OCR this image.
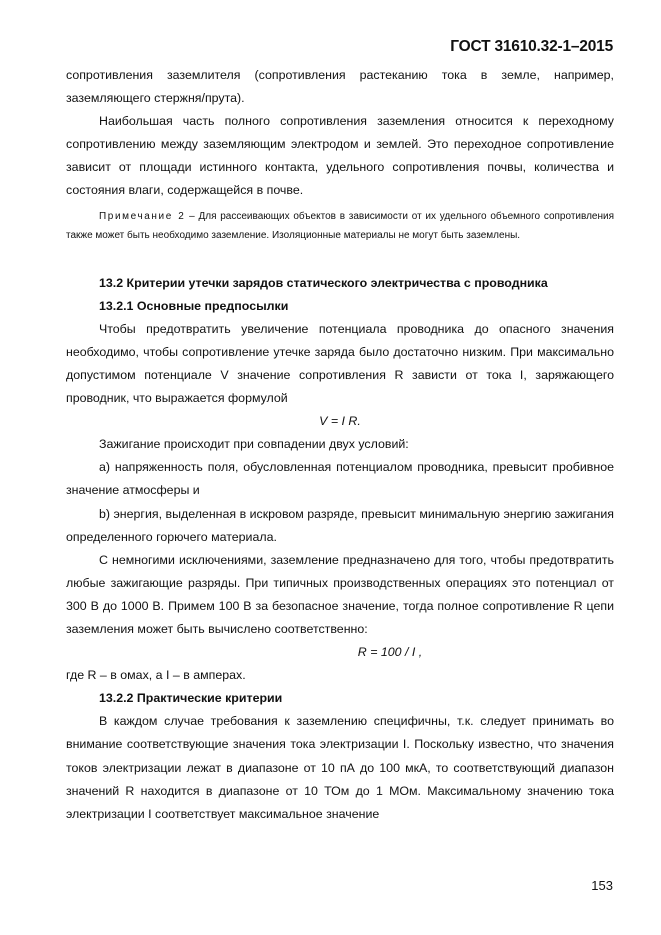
ГОСТ 31610.32-1–2015

сопротивления заземлителя (сопротивления растеканию тока в земле, например, заземляющего стержня/прута).

Наибольшая часть полного сопротивления заземления относится к переходному сопротивлению между заземляющим электродом и землей. Это переходное сопротивление зависит от площади истинного контакта, удельного сопротивления почвы, количества и состояния влаги, содержащейся в почве.

Примечание 2 – Для рассеивающих объектов в зависимости от их удельного объемного сопротивления также может быть необходимо заземление. Изоляционные материалы не могут быть заземлены.

13.2 Критерии утечки зарядов статического электричества с проводника

13.2.1 Основные предпосылки

Чтобы предотвратить увеличение потенциала проводника до опасного значения необходимо, чтобы сопротивление утечке заряда было достаточно низким. При максимально допустимом потенциале V значение сопротивления R зависти от тока I, заряжающего проводник, что выражается формулой

V = I R.

Зажигание происходит при совпадении двух условий:

а) напряженность поля, обусловленная потенциалом проводника, превысит пробивное значение атмосферы и

b) энергия, выделенная в искровом разряде, превысит минимальную энергию зажигания определенного горючего материала.

С немногими исключениями, заземление предназначено для того, чтобы предотвратить любые зажигающие разряды. При типичных производственных операциях это потенциал от 300 В до 1000 В. Примем 100 В за безопасное значение, тогда полное сопротивление R цепи заземления может быть вычислено соответственно:

R = 100 / I ,

где R – в омах, а I – в амперах.

13.2.2 Практические критерии

В каждом случае требования к заземлению специфичны, т.к. следует принимать во внимание соответствующие значения тока электризации I. Поскольку известно, что значения токов электризации лежат в диапазоне от 10 пА до 100 мкА, то соответствующий диапазон значений R находится в диапазоне от 10 ТОм до 1 МОм. Максимальному значению тока электризации I соответствует максимальное значение

153
